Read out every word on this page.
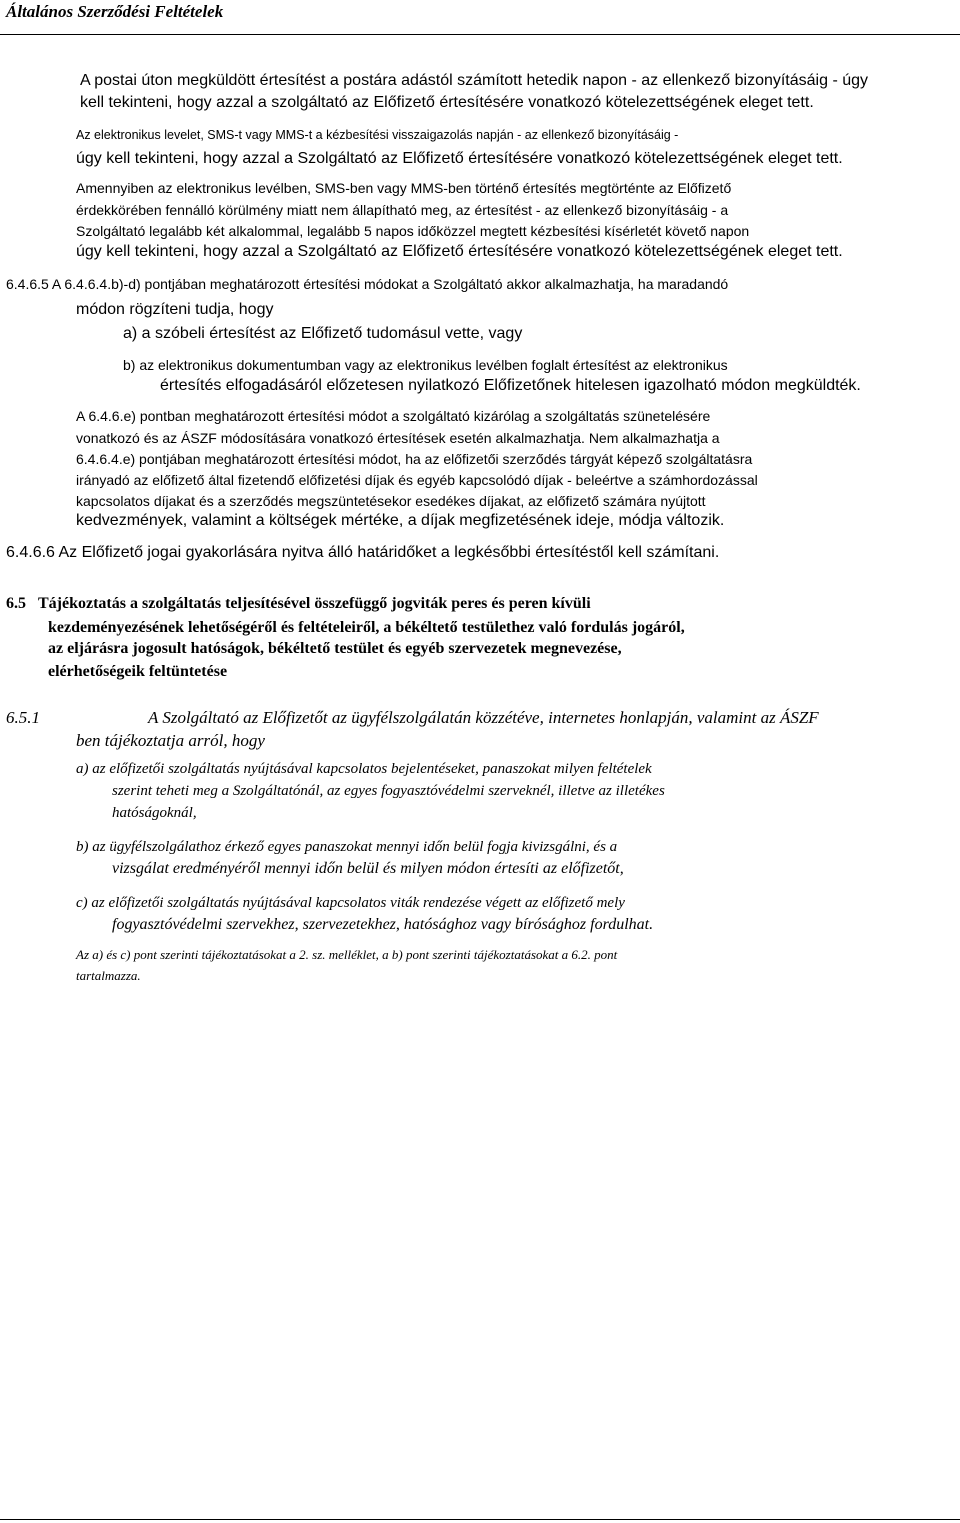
Általános Szerződési Feltételek
A postai úton megküldött értesítést a postára adástól számított hetedik napon - az ellenkező bizonyításáig - úgy
kell tekinteni, hogy azzal a szolgáltató az Előfizető értesítésére vonatkozó kötelezettségének eleget tett.
Az elektronikus levelet, SMS-t vagy MMS-t a kézbesítési visszaigazolás napján - az ellenkező bizonyításáig -
úgy kell tekinteni, hogy azzal a Szolgáltató az Előfizető értesítésére vonatkozó kötelezettségének eleget tett.
Amennyiben az elektronikus levélben, SMS-ben vagy MMS-ben történő értesítés megtörténte az Előfizető
érdekkörében fennálló körülmény miatt nem állapítható meg, az értesítést - az ellenkező bizonyításáig - a
Szolgáltató legalább két alkalommal, legalább 5 napos időközzel megtett kézbesítési kísérletét követő napon
úgy kell tekinteni, hogy azzal a Szolgáltató az Előfizető értesítésére vonatkozó kötelezettségének eleget tett.
6.4.6.5 A 6.4.6.4.b)-d) pontjában meghatározott értesítési módokat a Szolgáltató akkor alkalmazhatja, ha maradandó
módon rögzíteni tudja, hogy
a) a szóbeli értesítést az Előfizető tudomásul vette, vagy
b) az elektronikus dokumentumban vagy az elektronikus levélben foglalt értesítést az elektronikus
értesítés elfogadásáról előzetesen nyilatkozó Előfizetőnek hitelesen igazolható módon megküldték.
A 6.4.6.e) pontban meghatározott értesítési módot a szolgáltató kizárólag a szolgáltatás szünetelésére
vonatkozó és az ÁSZF módosítására vonatkozó értesítések esetén alkalmazhatja. Nem alkalmazhatja a
6.4.6.4.e) pontjában meghatározott értesítési módot, ha az előfizetői szerződés tárgyát képező szolgáltatásra
irányadó az előfizető által fizetendő előfizetési díjak és egyéb kapcsolódó díjak - beleértve a számhordozással
kapcsolatos díjakat és a szerződés megszüntetésekor esedékes díjakat, az előfizető számára nyújtott
kedvezmények, valamint a költségek mértéke, a díjak megfizetésének ideje, módja változik.
6.4.6.6 Az Előfizető jogai gyakorlására nyitva álló határidőket a legkésőbbi értesítéstől kell számítani.
6.5 Tájékoztatás a szolgáltatás teljesítésével összefüggő jogviták peres és peren kívüli
kezdeményezésének lehetőségéről és feltételeiről, a békéltető testülethez való fordulás jogáról,
az eljárásra jogosult hatóságok, békéltető testület és egyéb szervezetek megnevezése,
elérhetőségeik feltüntetése
6.5.1	A Szolgáltató az Előfizetőt az ügyfélszolgálatán közzétéve, internetes honlapján, valamint az ÁSZF
ben tájékoztatja arról, hogy
a) az előfizetői szolgáltatás nyújtásával kapcsolatos bejelentéseket, panaszokat milyen feltételek
szerint teheti meg a Szolgáltatónál, az egyes fogyasztóvédelmi szerveknél, illetve az illetékes
hatóságoknál,
b) az ügyfélszolgálathoz érkező egyes panaszokat mennyi időn belül fogja kivizsgálni, és a
vizsgálat eredményéről mennyi időn belül és milyen módon értesíti az előfizetőt,
c) az előfizetői szolgáltatás nyújtásával kapcsolatos viták rendezése végett az előfizető mely
fogyasztóvédelmi szervekhez, szervezetekhez, hatósághoz vagy bírósághoz fordulhat.
Az a) és c) pont szerinti tájékoztatásokat a 2. sz. melléklet, a b) pont szerinti tájékoztatásokat a 6.2. pont
tartalmazza.
